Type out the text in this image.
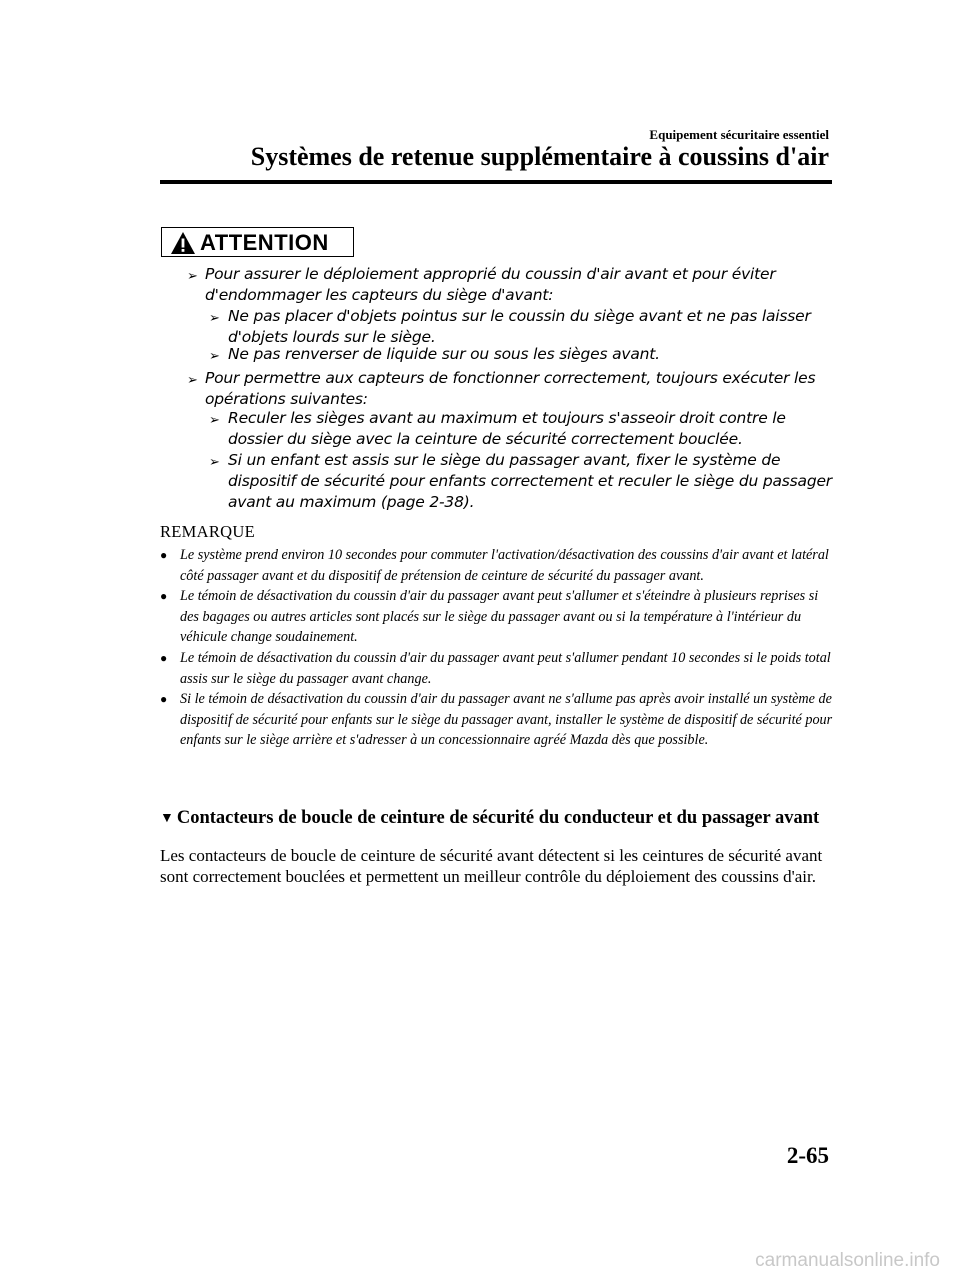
Equipement sécuritaire essentiel
Systèmes de retenue supplémentaire à coussins d'air
ATTENTION
➢ Pour assurer le déploiement approprié du coussin d'air avant et pour éviter
d'endommager les capteurs du siège d'avant:
➢ Ne pas placer d'objets pointus sur le coussin du siège avant et ne pas laisser
d'objets lourds sur le siège.
➢ Ne pas renverser de liquide sur ou sous les sièges avant.
➢ Pour permettre aux capteurs de fonctionner correctement, toujours exécuter les
opérations suivantes:
➢ Reculer les sièges avant au maximum et toujours s'asseoir droit contre le
dossier du siège avec la ceinture de sécurité correctement bouclée.
➢ Si un enfant est assis sur le siège du passager avant, fixer le système de
dispositif de sécurité pour enfants correctement et reculer le siège du passager
avant au maximum (page 2-38).
REMARQUE
● Le système prend environ 10 secondes pour commuter l'activation/désactivation des coussins d'air avant et latéral côté passager avant et du dispositif de prétension de ceinture de sécurité du passager avant.
● Le témoin de désactivation du coussin d'air du passager avant peut s'allumer et s'éteindre à plusieurs reprises si des bagages ou autres articles sont placés sur le siège du passager avant ou si la température à l'intérieur du véhicule change soudainement.
● Le témoin de désactivation du coussin d'air du passager avant peut s'allumer pendant 10 secondes si le poids total assis sur le siège du passager avant change.
● Si le témoin de désactivation du coussin d'air du passager avant ne s'allume pas après avoir installé un système de dispositif de sécurité pour enfants sur le siège du passager avant, installer le système de dispositif de sécurité pour enfants sur le siège arrière et s'adresser à un concessionnaire agréé Mazda dès que possible.
▼ Contacteurs de boucle de ceinture de sécurité du conducteur et du passager avant
Les contacteurs de boucle de ceinture de sécurité avant détectent si les ceintures de sécurité avant sont correctement bouclées et permettent un meilleur contrôle du déploiement des coussins d'air.
2-65
carmanualsonline.info
